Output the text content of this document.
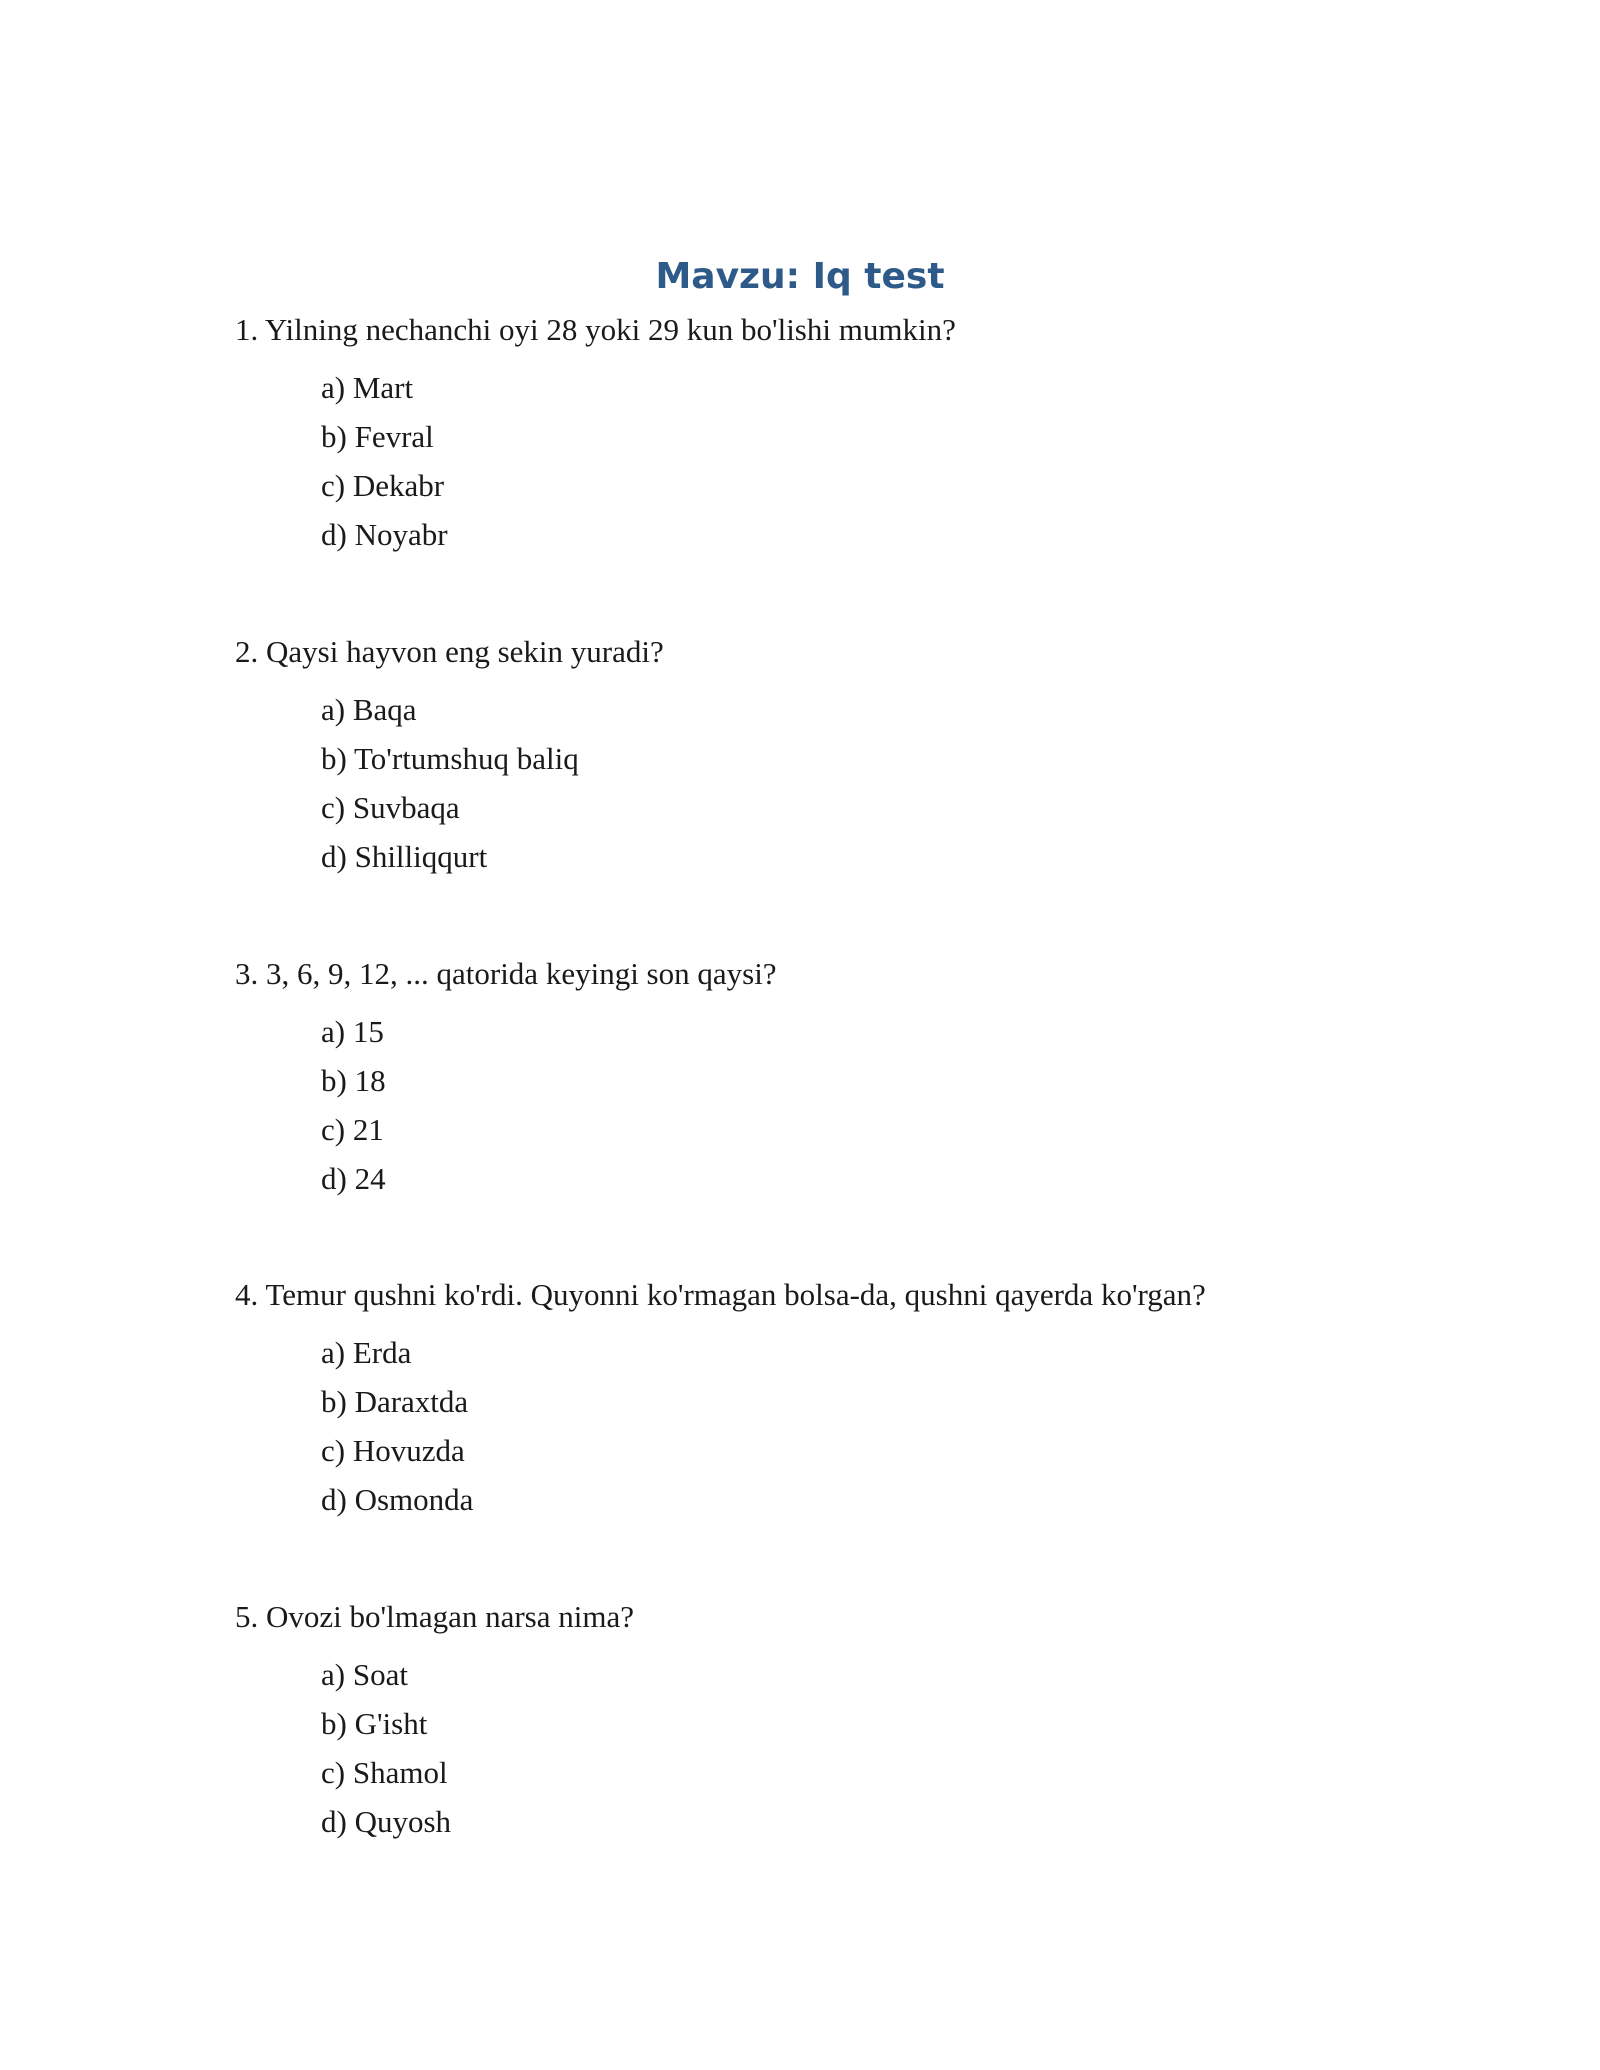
Mavzu: Iq test
1. Yilning nechanchi oyi 28 yoki 29 kun bo'lishi mumkin?
a) Mart
b) Fevral
c) Dekabr
d) Noyabr
2. Qaysi hayvon eng sekin yuradi?
a) Baqa
b) To'rtumshuq baliq
c) Suvbaqa
d) Shilliqqurt
3. 3, 6, 9, 12, ... qatorida keyingi son qaysi?
a) 15
b) 18
c) 21
d) 24
4. Temur qushni ko'rdi. Quyonni ko'rmagan bolsa-da, qushni qayerda ko'rgan?
a) Erda
b) Daraxtda
c) Hovuzda
d) Osmonda
5. Ovozi bo'lmagan narsa nima?
a) Soat
b) G'isht
c) Shamol
d) Quyosh
